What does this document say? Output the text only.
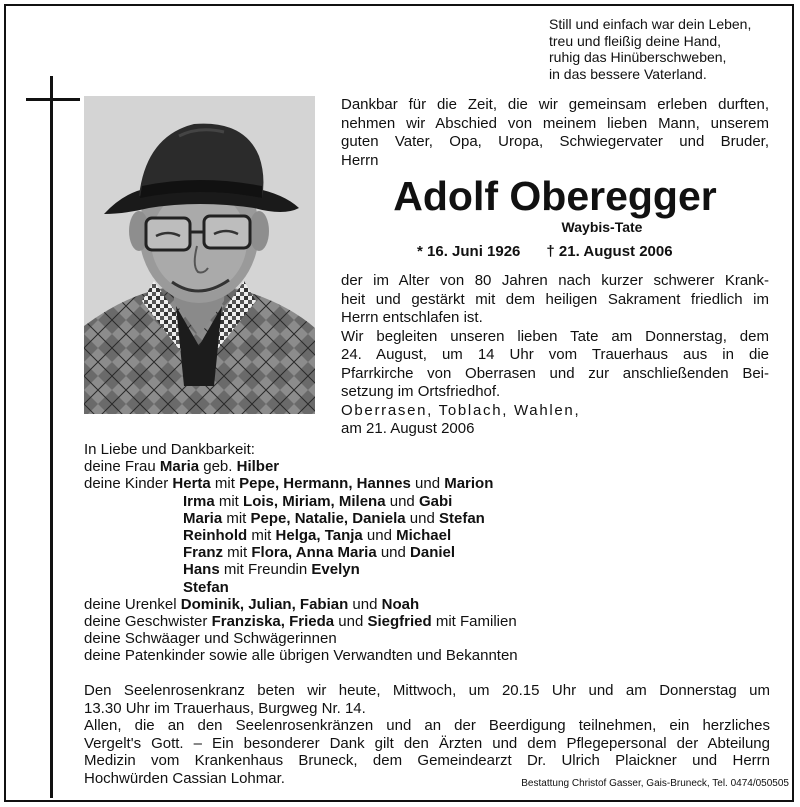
Still und einfach war dein Leben,
treu und fleißig deine Hand,
ruhig das Hinüberschweben,
in das bessere Vaterland.
Dankbar für die Zeit, die wir gemeinsam erleben durften,
nehmen wir Abschied von meinem lieben Mann, unserem
guten Vater, Opa, Uropa, Schwiegervater und Bruder,
Herrn
Adolf Oberegger
Waybis-Tate
* 16. Juni 1926 † 21. August 2006
der im Alter von 80 Jahren nach kurzer schwerer Krank-
heit und gestärkt mit dem heiligen Sakrament friedlich im
Herrn entschlafen ist.
Wir begleiten unseren lieben Tate am Donnerstag, dem
24. August, um 14 Uhr vom Trauerhaus aus in die
Pfarrkirche von Oberrasen und zur anschließenden Bei-
setzung im Ortsfriedhof.
Oberrasen, Toblach, Wahlen,
am 21. August 2006
In Liebe und Dankbarkeit:
deine Frau Maria geb. Hilber
deine Kinder Herta mit Pepe, Hermann, Hannes und Marion
Irma mit Lois, Miriam, Milena und Gabi
Maria mit Pepe, Natalie, Daniela und Stefan
Reinhold mit Helga, Tanja und Michael
Franz mit Flora, Anna Maria und Daniel
Hans mit Freundin Evelyn
Stefan
deine Urenkel Dominik, Julian, Fabian und Noah
deine Geschwister Franziska, Frieda und Siegfried mit Familien
deine Schwäager und Schwägerinnen
deine Patenkinder sowie alle übrigen Verwandten und Bekannten
Den Seelenrosenkranz beten wir heute, Mittwoch, um 20.15 Uhr und am Donnerstag um
13.30 Uhr im Trauerhaus, Burgweg Nr. 14.
Allen, die an den Seelenrosenkränzen und an der Beerdigung teilnehmen, ein herzliches
Vergelt's Gott. – Ein besonderer Dank gilt den Ärzten und dem Pflegepersonal der Abteilung
Medizin vom Krankenhaus Bruneck, dem Gemeindearzt Dr. Ulrich Plaickner und Herrn
Hochwürden Cassian Lohmar.	Bestattung Christof Gasser, Gais-Bruneck, Tel. 0474/050505
